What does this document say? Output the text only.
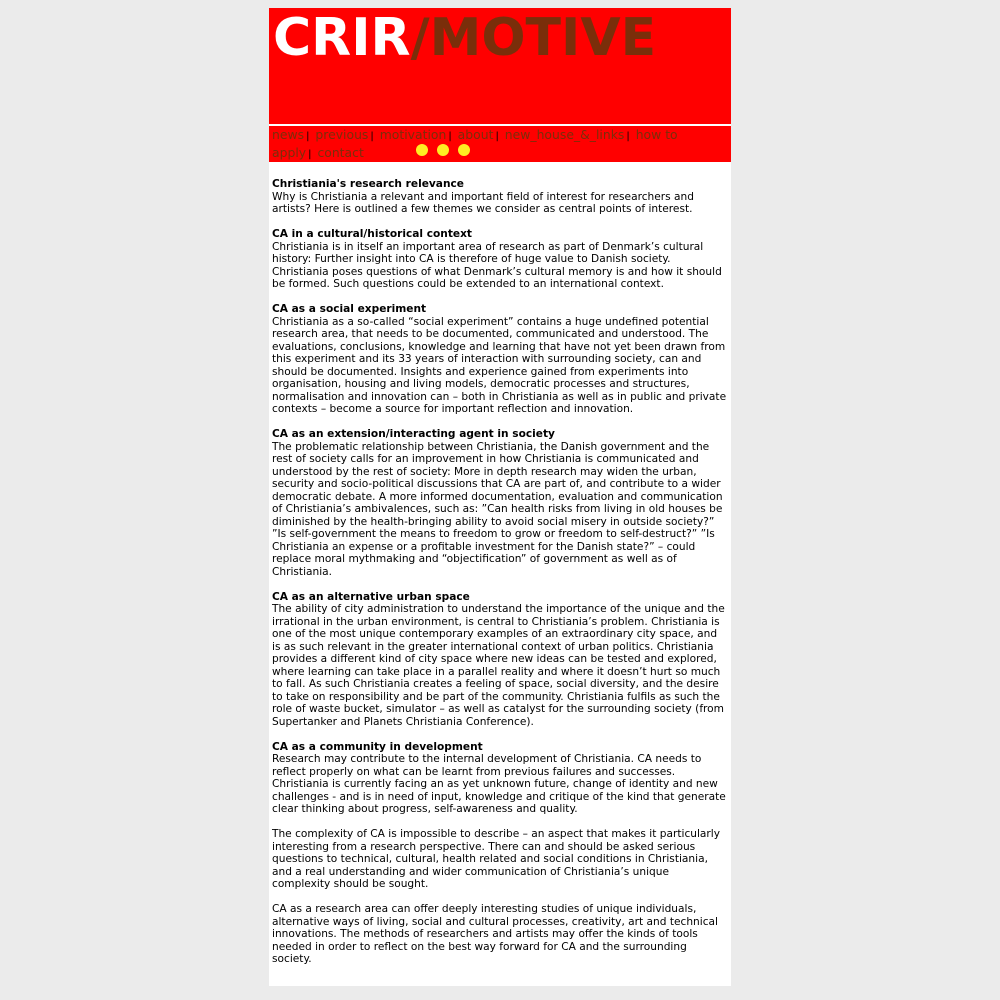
CRIR/MOTIVE
news | previous | motivation | about | new_house_&_links | how to apply | contact
Christiania's research relevance

Why is Christiania a relevant and important field of interest for researchers and artists? Here is outlined a few themes we consider as central points of interest.

CA in a cultural/historical context

Christiania is in itself an important area of research as part of Denmark’s cultural history: Further insight into CA is therefore of huge value to Danish society. Christiania poses questions of what Denmark’s cultural memory is and how it should be formed. Such questions could be extended to an international context.

CA as a social experiment

Christiania as a so-called “social experiment” contains a huge undefined potential research area, that needs to be documented, communicated and understood. The evaluations, conclusions, knowledge and learning that have not yet been drawn from this experiment and its 33 years of interaction with surrounding society, can and should be documented. Insights and experience gained from experiments into organisation, housing and living models, democratic processes and structures, normalisation and innovation can – both in Christiania as well as in public and private contexts – become a source for important reflection and innovation.

CA as an extension/interacting agent in society

The problematic relationship between Christiania, the Danish government and the rest of society calls for an improvement in how Christiania is communicated and understood by the rest of society: More in depth research may widen the urban, security and socio-political discussions that CA are part of, and contribute to a wider democratic debate. A more informed documentation, evaluation and communication of Christiania’s ambivalences, such as: ”Can health risks from living in old houses be diminished by the health-bringing ability to avoid social misery in outside society?” ”Is self-government the means to freedom to grow or freedom to self-destruct?” ”Is Christiania an expense or a profitable investment for the Danish state?” – could replace moral mythmaking and “objectification” of government as well as of Christiania.

CA as an alternative urban space

The ability of city administration to understand the importance of the unique and the irrational in the urban environment, is central to Christiania’s problem. Christiania is one of the most unique contemporary examples of an extraordinary city space, and is as such relevant in the greater international context of urban politics. Christiania provides a different kind of city space where new ideas can be tested and explored, where learning can take place in a parallel reality and where it doesn’t hurt so much to fall. As such Christiania creates a feeling of space, social diversity, and the desire to take on responsibility and be part of the community. Christiania fulfils as such the role of waste bucket, simulator – as well as catalyst for the surrounding society (from Supertanker and Planets Christiania Conference).

CA as a community in development

Research may contribute to the internal development of Christiania. CA needs to reflect properly on what can be learnt from previous failures and successes. Christiania is currently facing an as yet unknown future, change of identity and new challenges - and is in need of input, knowledge and critique of the kind that generate clear thinking about progress, self-awareness and quality.

The complexity of CA is impossible to describe – an aspect that makes it particularly interesting from a research perspective. There can and should be asked serious questions to technical, cultural, health related and social conditions in Christiania, and a real understanding and wider communication of Christiania’s unique complexity should be sought.

CA as a research area can offer deeply interesting studies of unique individuals, alternative ways of living, social and cultural processes, creativity, art and technical innovations. The methods of researchers and artists may offer the kinds of tools needed in order to reflect on the best way forward for CA and the surrounding society.
